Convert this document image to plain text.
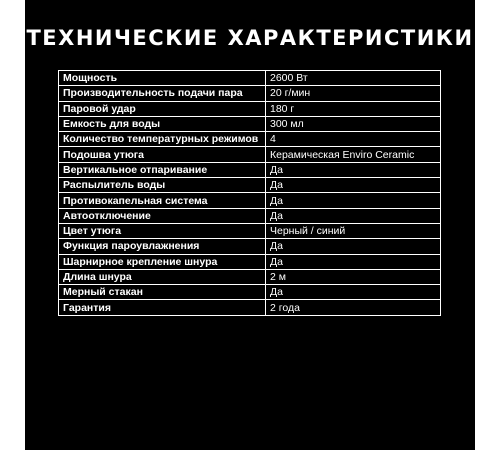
ТЕХНИЧЕСКИЕ ХАРАКТЕРИСТИКИ
Мощность	2600 Вт
Производительность подачи пара	20 г/мин
Паровой удар	180 г
Емкость для воды	300 мл
Количество температурных режимов	4
Подошва утюга	Керамическая Enviro Ceramic
Вертикальное отпаривание	Да
Распылитель воды	Да
Противокапельная система	Да
Автоотключение	Да
Цвет утюга	Черный / синий
Функция пароувлажнения	Да
Шарнирное крепление шнура	Да
Длина шнура	2 м
Мерный стакан	Да
Гарантия	2 года
